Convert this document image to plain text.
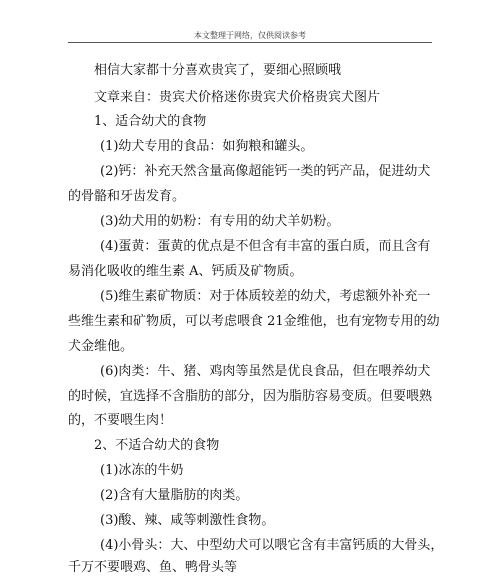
本文整理于网络，仅供阅读参考
相信大家都十分喜欢贵宾了，要细心照顾哦
文章来自：贵宾犬价格迷你贵宾犬价格贵宾犬图片
1、适合幼犬的食物
(1)幼犬专用的食品：如狗粮和罐头。
(2)钙：补充天然含量高像超能钙一类的钙产品，促进幼犬
的骨骼和牙齿发育。
(3)幼犬用的奶粉：有专用的幼犬羊奶粉。
(4)蛋黄：蛋黄的优点是不但含有丰富的蛋白质，而且含有
易消化吸收的维生素 A、钙质及矿物质。
(5)维生素矿物质：对于体质较差的幼犬，考虑额外补充一
些维生素和矿物质，可以考虑喂食 21金维他，也有宠物专用的幼
犬金维他。
(6)肉类：牛、猪、鸡肉等虽然是优良食品，但在喂养幼犬
的时候，宜选择不含脂肪的部分，因为脂肪容易变质。但要喂熟
的，不要喂生肉！
2、不适合幼犬的食物
(1)冰冻的牛奶
(2)含有大量脂肪的肉类。
(3)酸、辣、咸等刺激性食物。
(4)小骨头：大、中型幼犬可以喂它含有丰富钙质的大骨头，
千万不要喂鸡、鱼、鸭骨头等
